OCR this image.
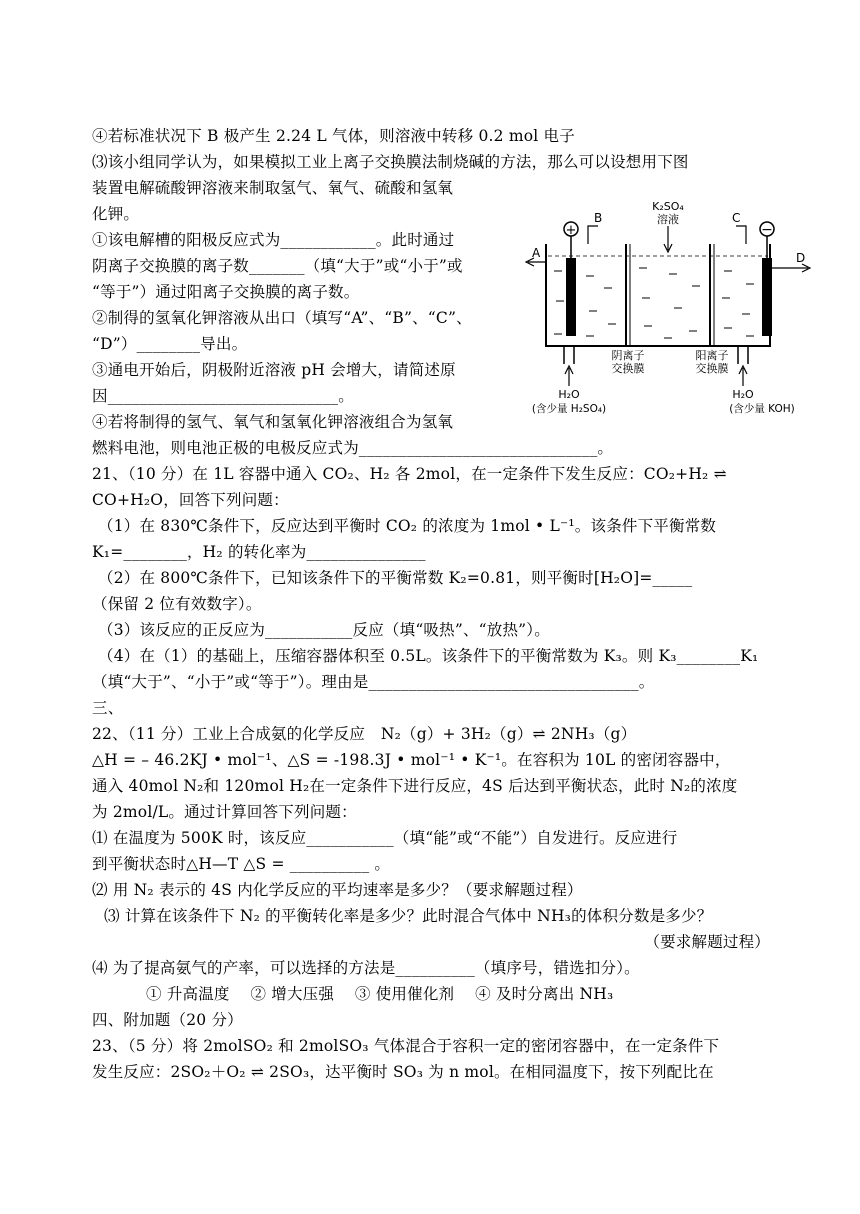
④若标准状况下 B 极产生 2.24 L 气体，则溶液中转移 0.2 mol 电子
⑶该小组同学认为，如果模拟工业上离子交换膜法制烧碱的方法，那么可以设想用下图
装置电解硫酸钾溶液来制取氢气、氧气、硫酸和氢氧
化钾。
①该电解槽的阳极反应式为____________。此时通过
阴离子交换膜的离子数_______（填“大于”或“小于”或
“等于”）通过阳离子交换膜的离子数。
②制得的氢氧化钾溶液从出口（填写“A”、“B”、“C”、
“D”）________导出。
③通电开始后，阴极附近溶液 pH 会增大，请简述原
因_____________________________。
④若将制得的氢气、氧气和氢氧化钾溶液组合为氢氧
燃料电池，则电池正极的电极反应式为______________________________。
21、（10 分）在 1L 容器中通入 CO₂、H₂ 各 2mol，在一定条件下发生反应：CO₂+H₂ ⇌
CO+H₂O，回答下列问题：
（1）在 830℃条件下，反应达到平衡时 CO₂ 的浓度为 1mol • L⁻¹。该条件下平衡常数
K₁=________，H₂ 的转化率为_______________
（2）在 800℃条件下，已知该条件下的平衡常数 K₂=0.81，则平衡时[H₂O]=_____
（保留 2 位有效数字）。
（3）该反应的正反应为___________反应（填“吸热”、“放热”）。
（4）在（1）的基础上，压缩容器体积至 0.5L。该条件下的平衡常数为 K₃。则 K₃________K₁
（填“大于”、“小于”或“等于”）。理由是__________________________________。
三、
22、（11 分）工业上合成氨的化学反应　N₂（g）+ 3H₂（g）⇌ 2NH₃（g）
△H = – 46.2KJ • mol⁻¹、△S = -198.3J • mol⁻¹ • K⁻¹。在容积为 10L 的密闭容器中，
通入 40mol N₂和 120mol H₂在一定条件下进行反应，4S 后达到平衡状态，此时 N₂的浓度
为 2mol/L。通过计算回答下列问题：
⑴ 在温度为 500K 时，该反应___________（填“能”或“不能”）自发进行。反应进行
到平衡状态时△H—T △S = __________ 。
⑵ 用 N₂ 表示的 4S 内化学反应的平均速率是多少？（要求解题过程）
⑶ 计算在该条件下 N₂ 的平衡转化率是多少？此时混合气体中 NH₃的体积分数是多少？
（要求解题过程）
⑷ 为了提高氨气的产率，可以选择的方法是__________（填序号，错选扣分）。
① 升高温度　 ② 增大压强　 ③ 使用催化剂　 ④ 及时分离出 NH₃
四、附加题（20 分）
23、（5 分）将 2molSO₂ 和 2molSO₃ 气体混合于容积一定的密闭容器中，在一定条件下
发生反应：2SO₂＋O₂ ⇌ 2SO₃，达平衡时 SO₃ 为 n mol。在相同温度下，按下列配比在
+	−
K₂SO₄
溶液
B	C
A	D
阴离子
交换膜
阳离子
交换膜
H₂O
(含少量 H₂SO₄)
H₂O
(含少量 KOH)
